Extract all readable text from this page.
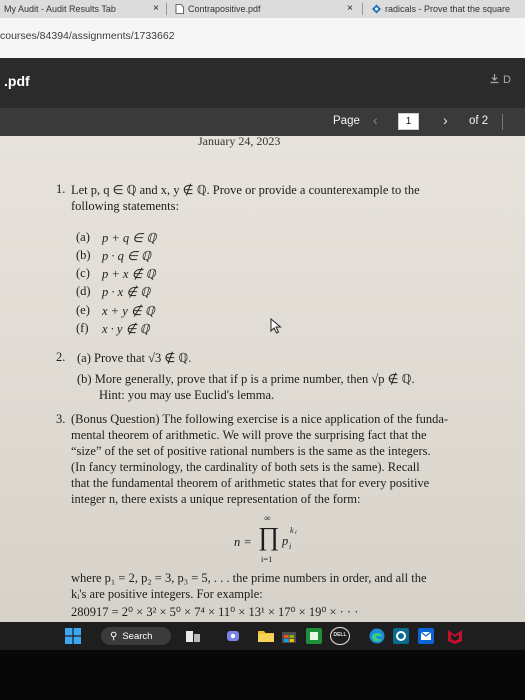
My Audit - Audit Results Tab	×	Contrapositive.pdf	×	radicals - Prove that the square
courses/84394/assignments/1733662
.pdf	D
Page ‹
1	› of 2
January 24, 2023
1. Let p, q ∈ ℚ and x, y ∉ ℚ. Prove or provide a counterexample to the
following statements:
(a) p + q ∈ ℚ
(b) p · q ∈ ℚ
(c) p + x ∉ ℚ
(d) p · x ∉ ℚ
(e) x + y ∉ ℚ
(f) x · y ∉ ℚ
2. (a) Prove that √3 ∉ ℚ.
(b) More generally, prove that if p is a prime number, then √p ∉ ℚ.
Hint: you may use Euclid's lemma.
3. (Bonus Question) The following exercise is a nice application of the funda-
mental theorem of arithmetic. We will prove the surprising fact that the
“size” of the set of positive rational numbers is the same as the integers.
(In fancy terminology, the cardinality of both sets is the same). Recall
that the fundamental theorem of arithmetic states that for every positive
integer n, there exists a unique representation of the form:
n =
∞
∏
i=1
p i
k i
where p₁ = 2, p₂ = 3, p₃ = 5, . . . the prime numbers in order, and all the
kᵢ's are positive integers. For example:
280917 = 2⁰ × 3² × 5⁰ × 7⁴ × 11⁰ × 13¹ × 17⁰ × 19⁰ × · · ·
⚲ Search	DELL
